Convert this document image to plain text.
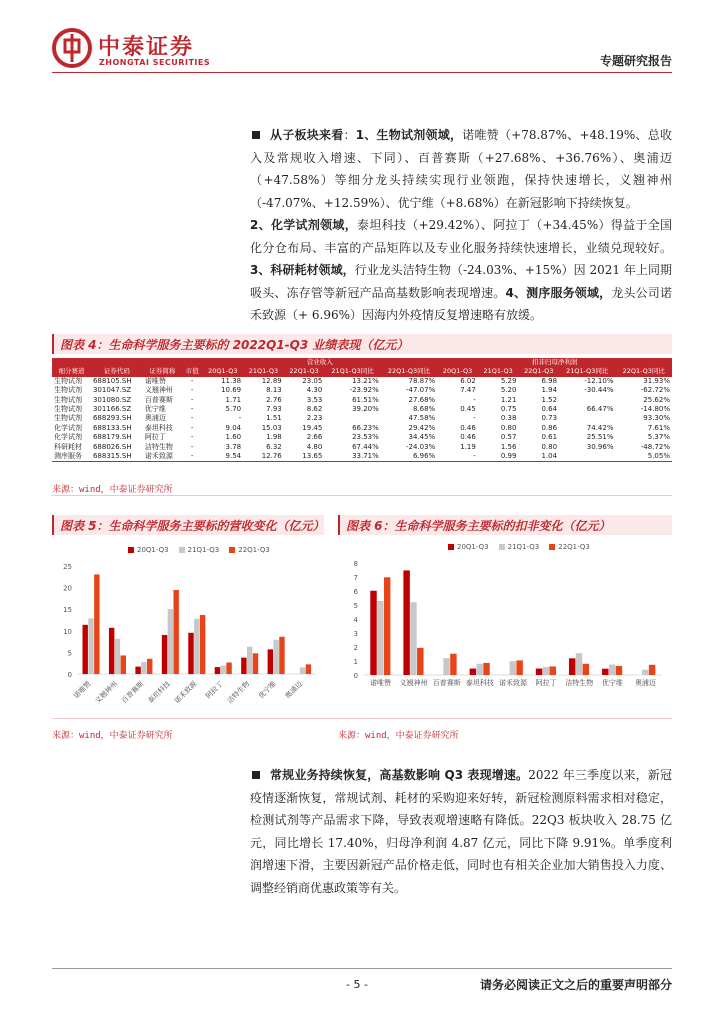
中泰证券
ZHONGTAI SECURITIES	专题研究报告
从子板块来看：1、生物试剂领域，诺唯赞（+78.87%、+48.19%、总收入及常规收入增速、下同）、百普赛斯（+27.68%、+36.76%）、奥浦迈（+47.58%）等细分龙头持续实现行业领跑，保持快速增长，义翘神州（-47.07%、+12.59%）、优宁维（+8.68%）在新冠影响下持续恢复。
2、化学试剂领域，泰坦科技（+29.42%）、阿拉丁（+34.45%）得益于全国化分仓布局、丰富的产品矩阵以及专业化服务持续快速增长，业绩兑现较好。3、科研耗材领域，行业龙头洁特生物（-24.03%、+15%）因 2021 年上同期吸头、冻存管等新冠产品高基数影响表现增速。4、测序服务领域，龙头公司诺禾致源（+ 6.96%）因海内外疫情反复增速略有放缓。
图表 4：生命科学服务主要标的 2022Q1-Q3 业绩表现（亿元）
				营业收入					扣非归母净利润				
细分赛道	证券代码	证券简称	市值	20Q1-Q3	21Q1-Q3	22Q1-Q3	21Q1-Q3同比	22Q1-Q3同比	20Q1-Q3	21Q1-Q3	22Q1-Q3	21Q1-Q3同比	22Q1-Q3同比
生物试剂	688105.SH	诺唯赞	-	11.38	12.89	23.05	13.21%	78.87%	6.02	5.29	6.98	-12.10%	31.93%
生物试剂	301047.SZ	义翘神州	-	10.69	8.13	4.30	-23.92%	-47.07%	7.47	5.20	1.94	-30.44%	-62.72%
生物试剂	301080.SZ	百普赛斯	-	1.71	2.76	3.53	61.51%	27.68%	-	1.21	1.52		25.62%
生物试剂	301166.SZ	优宁维	-	5.70	7.93	8.62	39.20%	8.68%	0.45	0.75	0.64	66.47%	-14.80%
生物试剂	688293.SH	奥浦迈	-	-	1.51	2.23		47.58%	-	0.38	0.73		93.30%
化学试剂	688133.SH	泰坦科技	-	9.04	15.03	19.45	66.23%	29.42%	0.46	0.80	0.86	74.42%	7.61%
化学试剂	688179.SH	阿拉丁	-	1.60	1.98	2.66	23.53%	34.45%	0.46	0.57	0.61	25.51%	5.37%
科研耗材	688026.SH	洁特生物	-	3.78	6.32	4.80	67.44%	-24.03%	1.19	1.56	0.80	30.96%	-48.72%
测序服务	688315.SH	诺禾致源	-	9.54	12.76	13.65	33.71%	6.96%	-	0.99	1.04		5.05%
来源：wind，中泰证券研究所
图表 5：生命科学服务主要标的营收变化（亿元） 图表 6：生命科学服务主要标的扣非变化（亿元）
20Q1-Q3	21Q1-Q3	22Q1-Q3
0
5
10
15
20
25
诺唯赞 义翘神州 百普赛斯 泰坦科技 诺禾致源 阿拉丁 洁特生物 优宁维 奥浦迈
20Q1-Q3	21Q1-Q3	22Q1-Q3
0
1
2
3
4
5
6
7
8
诺唯赞 义翘神州 百普赛斯 泰坦科技 诺禾致源 阿拉丁 洁特生物 优宁维 奥浦迈
来源：wind，中泰证券研究所	来源：wind，中泰证券研究所
常规业务持续恢复，高基数影响 Q3 表现增速。2022 年三季度以来，新冠疫情逐渐恢复，常规试剂、耗材的采购迎来好转，新冠检测原料需求相对稳定，检测试剂等产品需求下降，导致表观增速略有降低。22Q3 板块收入 28.75 亿元，同比增长 17.40%，归母净利润 4.87 亿元，同比下降 9.91%。单季度利润增速下滑，主要因新冠产品价格走低，同时也有相关企业加大销售投入力度、调整经销商优惠政策等有关。
- 5 -	请务必阅读正文之后的重要声明部分
